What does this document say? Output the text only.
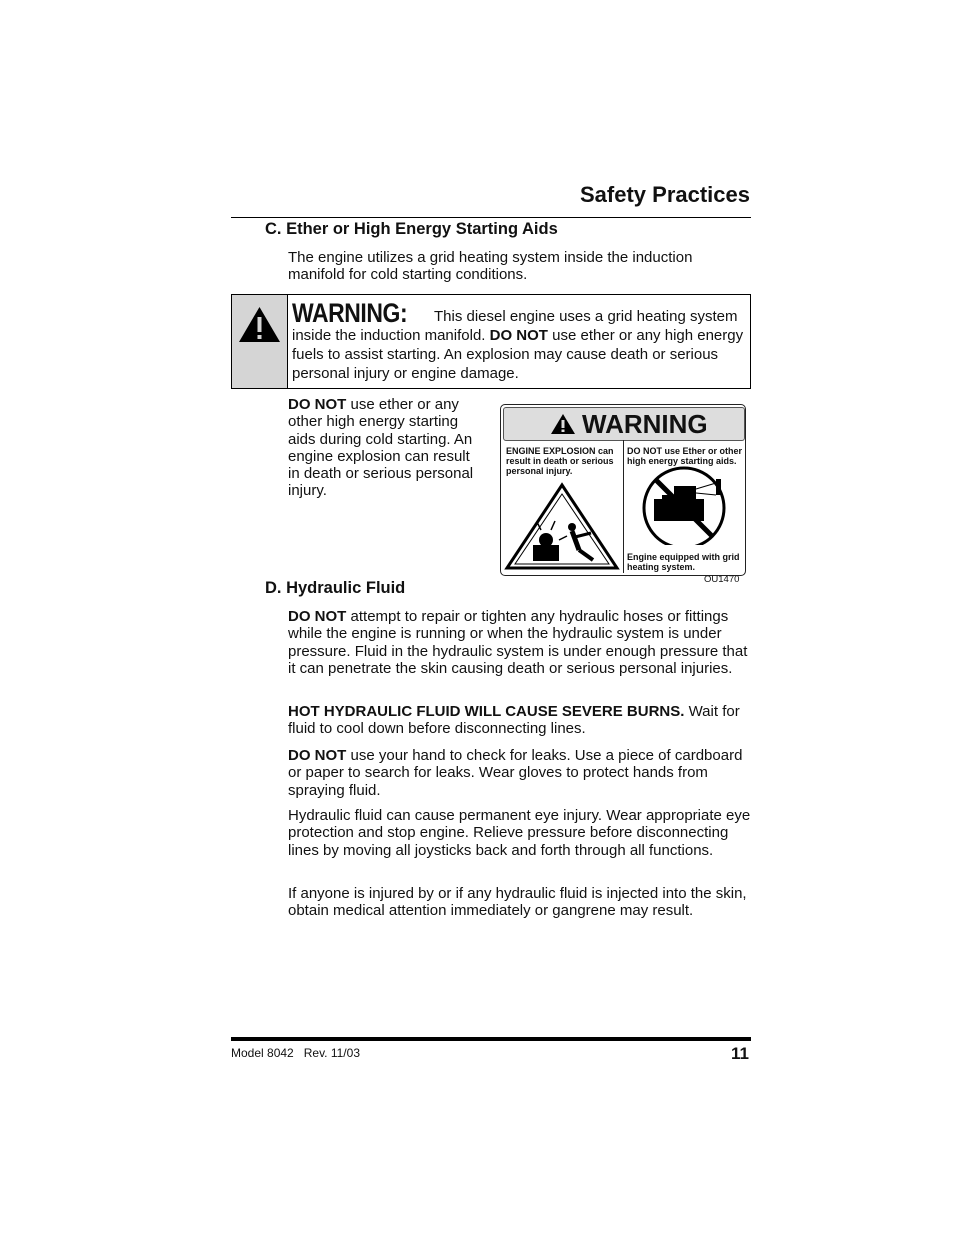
Safety Practices
C. Ether or High Energy Starting Aids
The engine utilizes a grid heating system inside the induction manifold for cold starting conditions.
WARNING: This diesel engine uses a grid heating system inside the induction manifold. DO NOT use ether or any high energy fuels to assist starting. An explosion may cause death or serious personal injury or engine damage.
DO NOT use ether or any other high energy starting aids during cold starting. An engine explosion can result in death or serious personal injury.
WARNING
ENGINE EXPLOSION can result in death or serious personal injury.
DO NOT use Ether or other high energy starting aids.
Engine equipped with grid heating system.
OU1470
D. Hydraulic Fluid
DO NOT attempt to repair or tighten any hydraulic hoses or fittings while the engine is running or when the hydraulic system is under pressure. Fluid in the hydraulic system is under enough pressure that it can penetrate the skin causing death or serious personal injuries.
HOT HYDRAULIC FLUID WILL CAUSE SEVERE BURNS. Wait for fluid to cool down before disconnecting lines.
DO NOT use your hand to check for leaks. Use a piece of cardboard or paper to search for leaks. Wear gloves to protect hands from spraying fluid.
Hydraulic fluid can cause permanent eye injury. Wear appropriate eye protection and stop engine. Relieve pressure before disconnecting lines by moving all joysticks back and forth through all functions.
If anyone is injured by or if any hydraulic fluid is injected into the skin, obtain medical attention immediately or gangrene may result.
Model 8042 Rev. 11/03	11
